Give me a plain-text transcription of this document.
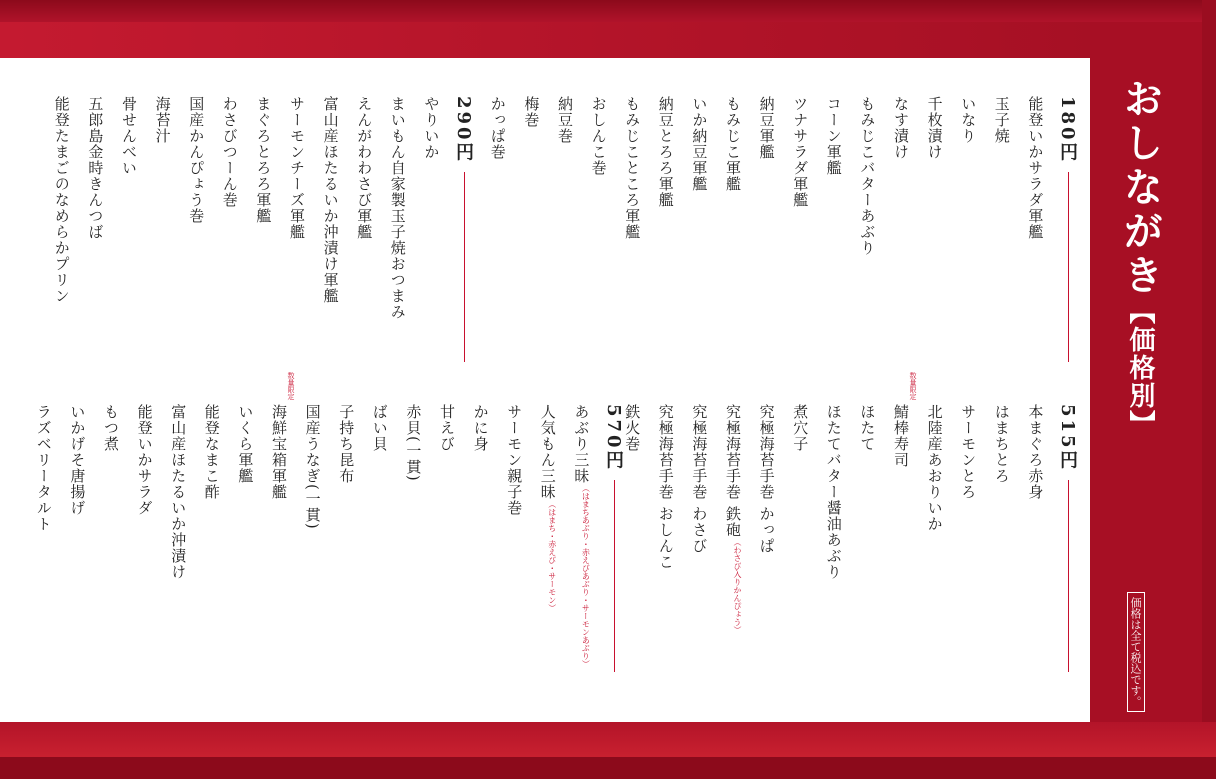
おしながき【価格別】
価格は全て税込です。
180円
能登いかサラダ軍艦
玉子焼
いなり
千枚漬け
なす漬け
もみじこバターあぶり
コーン軍艦
ツナサラダ軍艦
納豆軍艦
もみじこ軍艦
いか納豆軍艦
納豆とろろ軍艦
もみじこところ軍艦
おしんこ巻
納豆巻
梅巻
かっぱ巻
290円
やりいか
まいもん自家製玉子焼おつまみ
えんがわわさび軍艦
富山産ほたるいか沖漬け軍艦
サーモンチーズ軍艦
まぐろとろろ軍艦
わさびつーん巻
国産かんぴょう巻
海苔汁
骨せんべい
五郎島金時きんつば
能登たまごのなめらかプリン
515円
本まぐろ赤身
はまちとろ
サーモンとろ
北陸産あおりいか
鯖棒寿司
数量限定
ほたて
ほたてバター醤油あぶり
煮穴子
究極海苔手巻 かっぱ
究極海苔手巻 鉄砲（わさび入りかんぴょう）
究極海苔手巻 わさび
究極海苔手巻 おしんこ
鉄火巻
570円
あぶり三昧（はまちあぶり・赤えびあぶり・サーモンあぶり）
人気もん三昧（はまち・赤えび・サーモン）
サーモン親子巻
かに身
甘えび
赤貝(一貫)
ばい貝
子持ち昆布
国産うなぎ(一貫)
海鮮宝箱軍艦
数量限定
いくら軍艦
能登なまこ酢
富山産ほたるいか沖漬け
能登いかサラダ
もつ煮
いかげそ唐揚げ
ラズベリータルト
